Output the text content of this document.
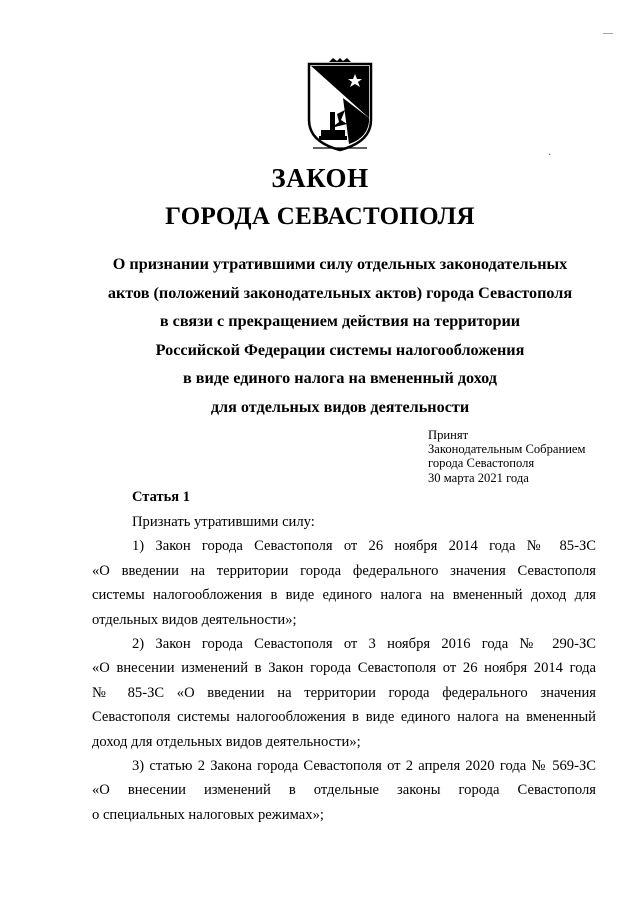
ЗАКОН
ГОРОДА СЕВАСТОПОЛЯ
О признании утратившими силу отдельных законодательных
актов (положений законодательных актов) города Севастополя
в связи с прекращением действия на территории
Российской Федерации системы налогообложения
в виде единого налога на вмененный доход
для отдельных видов деятельности
Принят
Законодательным Собранием
города Севастополя
30 марта 2021 года
Статья 1
Признать утратившими силу:
1) Закон города Севастополя от 26 ноября 2014 года № 85-ЗС
«О введении на территории города федерального значения Севастополя
системы налогообложения в виде единого налога на вмененный доход для
отдельных видов деятельности»;
2) Закон города Севастополя от 3 ноября 2016 года № 290-ЗС
«О внесении изменений в Закон города Севастополя от 26 ноября 2014 года
№ 85-ЗС «О введении на территории города федерального значения
Севастополя системы налогообложения в виде единого налога на вмененный
доход для отдельных видов деятельности»;
3) статью 2 Закона города Севастополя от 2 апреля 2020 года № 569-ЗС
«О внесении изменений в отдельные законы города Севастополя
о специальных налоговых режимах»;
·
—
